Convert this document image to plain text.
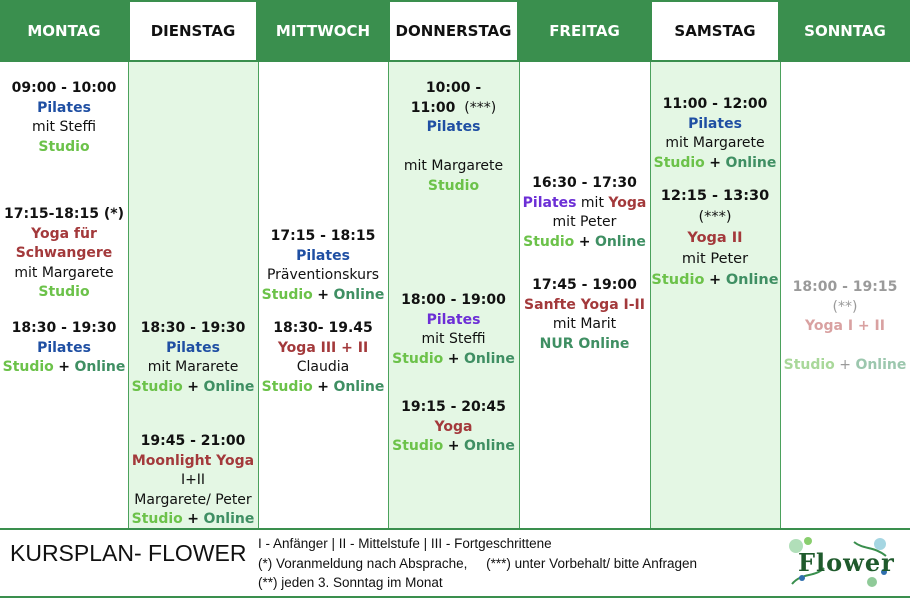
MONTAG
09:00 - 10:00
Pilates
mit Steffi
Studio
17:15-18:15 (*)
Yoga für
Schwangere
mit Margarete
Studio
18:30 - 19:30
Pilates
Studio + Online
DIENSTAG
18:30 - 19:30
Pilates
mit Mararete
Studio + Online
19:45 - 21:00
Moonlight Yoga
I+II
Margarete/ Peter
Studio + Online
MITTWOCH
17:15 - 18:15
Pilates
Präventionskurs
Studio + Online
18:30- 19.45
Yoga III + II
Claudia
Studio + Online
DONNERSTAG
10:00 - 11:00 (***)
Pilates
mit Margarete
Studio
18:00 - 19:00
Pilates
mit Steffi
Studio + Online
19:15 - 20:45
Yoga
Studio + Online
FREITAG
16:30 - 17:30
Pilates mit Yoga
mit Peter
Studio + Online
17:45 - 19:00
Sanfte Yoga I-II
mit Marit
NUR Online
SAMSTAG
11:00 - 12:00
Pilates
mit Margarete
Studio + Online
12:15 - 13:30 (***)
Yoga II
mit Peter
Studio + Online
SONNTAG
18:00 - 19:15 (**)
Yoga I + II
Studio + Online
KURSPLAN- FLOWER I - Anfänger | II - Mittelstufe | III - Fortgeschrittene
(*) Voranmeldung nach Absprache, (***) unter Vorbehalt/ bitte Anfragen
(**) jeden 3. Sonntag im Monat
Flower
